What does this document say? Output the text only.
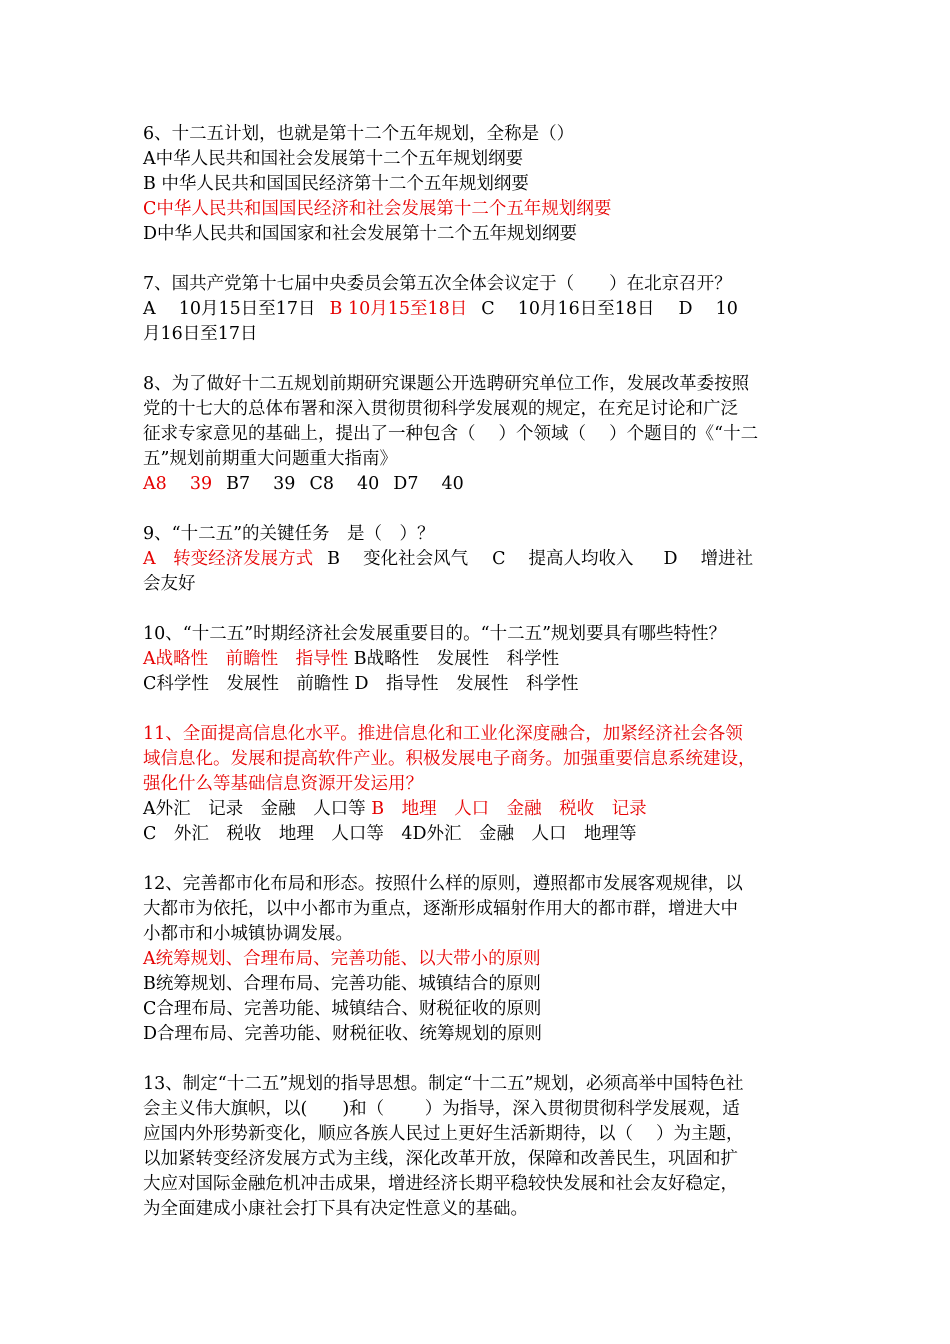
6、十二五计划，也就是第十二个五年规划，全称是（）
A中华人民共和国社会发展第十二个五年规划纲要
B 中华人民共和国国民经济第十二个五年规划纲要
C中华人民共和国国民经济和社会发展第十二个五年规划纲要
D中华人民共和国国家和社会发展第十二个五年规划纲要
7、国共产党第十七届中央委员会第五次全体会议定于（　　）在北京召开？
A　 10月15日至17日 B 10月15至18日 C　 10月16日至18日 D　 10
月16日至17日
8、为了做好十二五规划前期研究课题公开选聘研究单位工作，发展改革委按照
党的十七大的总体布署和深入贯彻贯彻科学发展观的规定，在充足讨论和广泛
征求专家意见的基础上，提出了一种包含（　 ）个领域（　 ）个题目的《“十二
五”规划前期重大问题重大指南》
A8　 39 B7　 39 C8　 40 D7　 40
9、“十二五”的关键任务　是（　）？
A　转变经济发展方式 B　 变化社会风气 C　 提高人均收入 D　 增进社
会友好
10、“十二五”时期经济社会发展重要目的。“十二五”规划要具有哪些特性？
A战略性　前瞻性　指导性 B战略性　发展性　科学性
C科学性　发展性　前瞻性 D　指导性　发展性　科学性
11、全面提高信息化水平。推进信息化和工业化深度融合，加紧经济社会各领
域信息化。发展和提高软件产业。积极发展电子商务。加强重要信息系统建设，
强化什么等基础信息资源开发运用？
A外汇　记录　金融　人口等 B　地理　人口　金融　税收　记录
C　外汇　税收　地理　人口等　4D外汇　金融　人口　地理等
12、完善都市化布局和形态。按照什么样的原则，遵照都市发展客观规律，以
大都市为依托，以中小都市为重点，逐渐形成辐射作用大的都市群，增进大中
小都市和小城镇协调发展。
A统筹规划、合理布局、完善功能、以大带小的原则
B统筹规划、合理布局、完善功能、城镇结合的原则
C合理布局、完善功能、城镇结合、财税征收的原则
D合理布局、完善功能、财税征收、统筹规划的原则
13、制定“十二五”规划的指导思想。制定“十二五”规划，必须高举中国特色社
会主义伟大旗帜，以(　　)和（　　 ）为指导，深入贯彻贯彻科学发展观，适
应国内外形势新变化，顺应各族人民过上更好生活新期待，以（　 ）为主题，
以加紧转变经济发展方式为主线，深化改革开放，保障和改善民生，巩固和扩
大应对国际金融危机冲击成果，增进经济长期平稳较快发展和社会友好稳定，
为全面建成小康社会打下具有决定性意义的基础。
